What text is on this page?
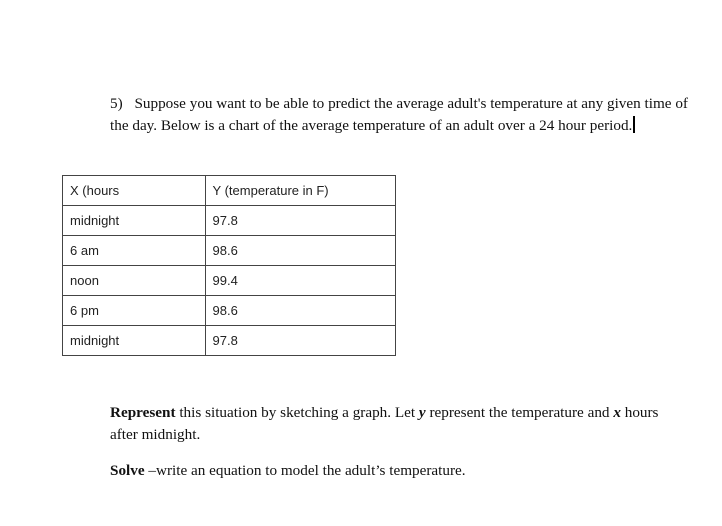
5) Suppose you want to be able to predict the average adult's temperature at any given time of the day. Below is a chart of the average temperature of an adult over a 24 hour period.
X (hours	Y (temperature in F)
midnight	97.8
6 am	98.6
noon	99.4
6 pm	98.6
midnight	97.8
Represent this situation by sketching a graph. Let y represent the temperature and x hours after midnight.
Solve –write an equation to model the adult’s temperature.
